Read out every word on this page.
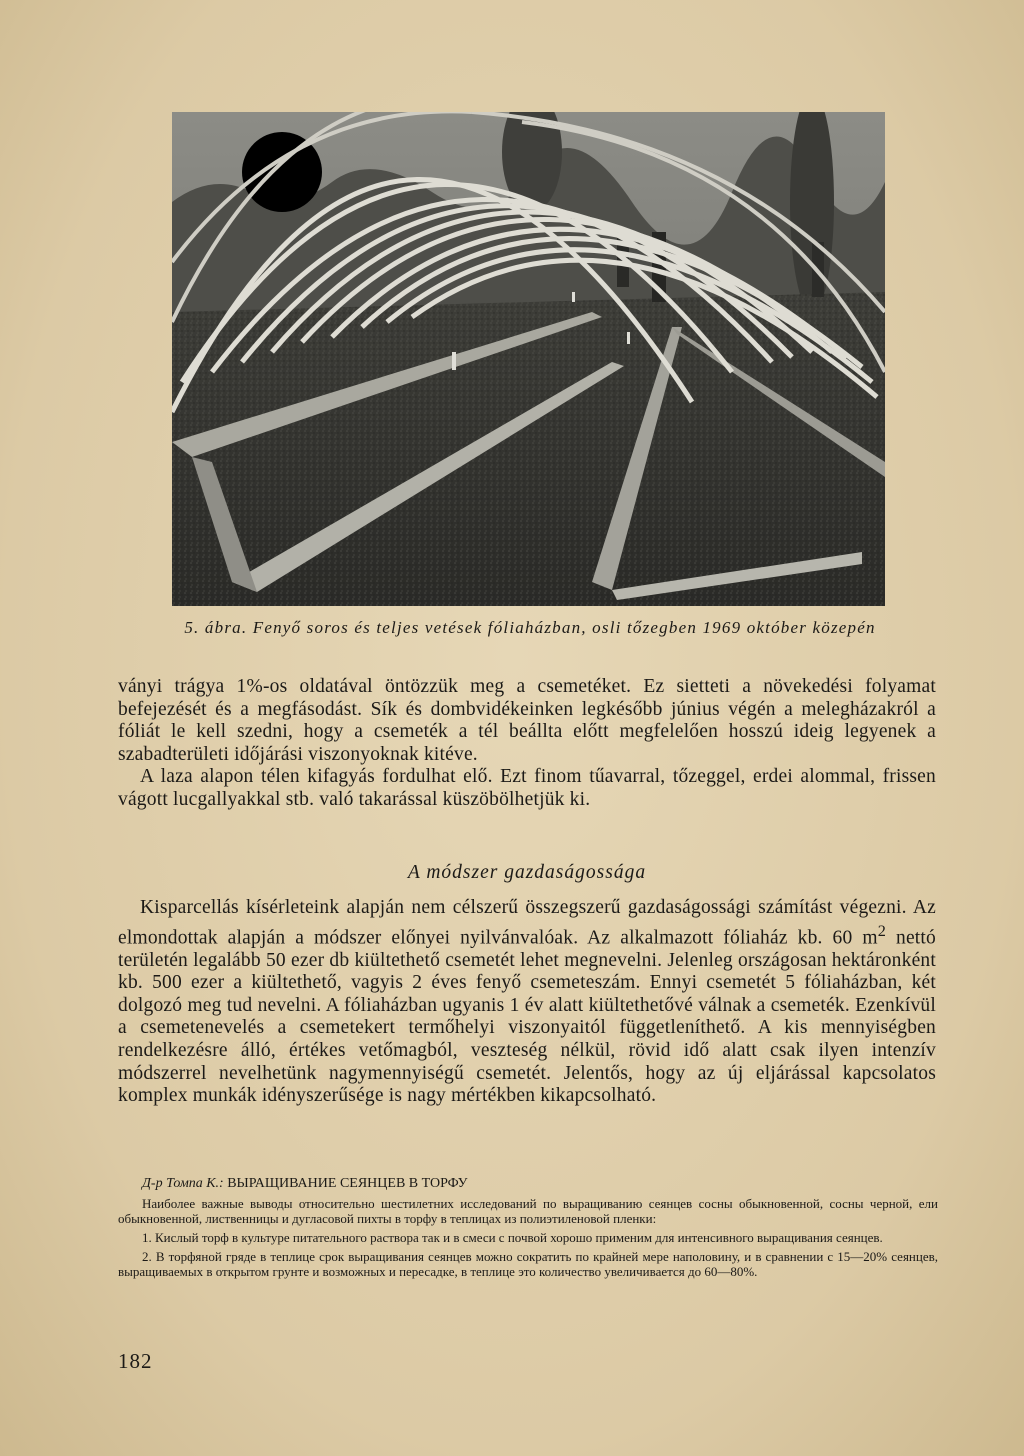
5. ábra. Fenyő soros és teljes vetések fóliaházban, osli tőzegben 1969 október közepén

ványi trágya 1%-os oldatával öntözzük meg a csemetéket. Ez sietteti a növekedési folyamat befejezését és a megfásodást. Sík és dombvidékeinken legkésőbb június végén a melegházakról a fóliát le kell szedni, hogy a csemeték a tél beállta előtt megfelelően hosszú ideig legyenek a szabadterületi időjárási viszonyoknak kitéve.

A laza alapon télen kifagyás fordulhat elő. Ezt finom tűavarral, tőzeggel, erdei alommal, frissen vágott lucgallyakkal stb. való takarással küszöbölhetjük ki.

A módszer gazdaságossága

Kisparcellás kísérleteink alapján nem célszerű összegszerű gazdaságossági számítást végezni. Az elmondottak alapján a módszer előnyei nyilvánvalóak. Az alkalmazott fóliaház kb. 60 $m^2$ nettó területén legalább 50 ezer db kiültethető csemetét lehet megnevelni. Jelenleg országosan hektáronként kb. 500 ezer a kiültethető, vagyis 2 éves fenyő csemeteszám. Ennyi csemetét 5 fóliaházban, két dolgozó meg tud nevelni. A fóliaházban ugyanis 1 év alatt kiültethetővé válnak a csemeték. Ezenkívül a csemetenevelés a csemetekert termőhelyi viszonyaitól függetleníthető. A kis mennyiségben rendelkezésre álló, értékes vetőmagból, veszteség nélkül, rövid idő alatt csak ilyen intenzív módszerrel nevelhetünk nagymennyiségű csemetét. Jelentős, hogy az új eljárással kapcsolatos komplex munkák idényszerűsége is nagy mértékben kikapcsolható.

Д-р Томпа К.: ВЫРАЩИВАНИЕ СЕЯНЦЕВ В ТОРФУ

Наиболее важные выводы относительно шестилетних исследований по выращиванию сеянцев сосны обыкновенной, сосны черной, ели обыкновенной, лиственницы и дугласовой пихты в торфу в теплицах из полиэтиленовой пленки:

1. Кислый торф в культуре питательного раствора так и в смеси с почвой хорошо применим для интенсивного выращивания сеянцев.

2. В торфяной гряде в теплице срок выращивания сеянцев можно сократить по крайней мере наполовину, и в сравнении с 15—20% сеянцев, выращиваемых в открытом грунте и возможных и пересадке, в теплице это количество увеличивается до 60—80%.

182
